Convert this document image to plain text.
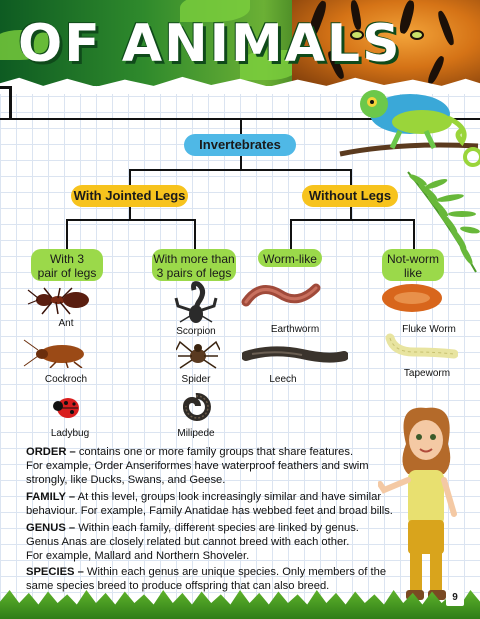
OF ANIMALS
Invertebrates
With Jointed Legs	Without Legs
With 3
pair of legs
With more than
3 pairs of legs
Worm-like	Not-worm
like
Ant
Cockroch
Ladybug
Scorpion
Spider
Milipede
Earthworm
Leech
Fluke Worm
Tapeworm
ORDER – contains one or more family groups that share features.
For example, Order Anseriformes have waterproof feathers and swim
strongly, like Ducks, Swans, and Geese.
FAMILY – At this level, groups look increasingly similar and have similar
behaviour. For example, Family Anatidae has webbed feet and broad bills.
GENUS – Within each family, different species are linked by genus.
Genus Anas are closely related but cannot breed with each other.
For example, Mallard and Northern Shoveler.
SPECIES – Within each genus are unique species. Only members of the
same species breed to produce offspring that can also breed.
9
